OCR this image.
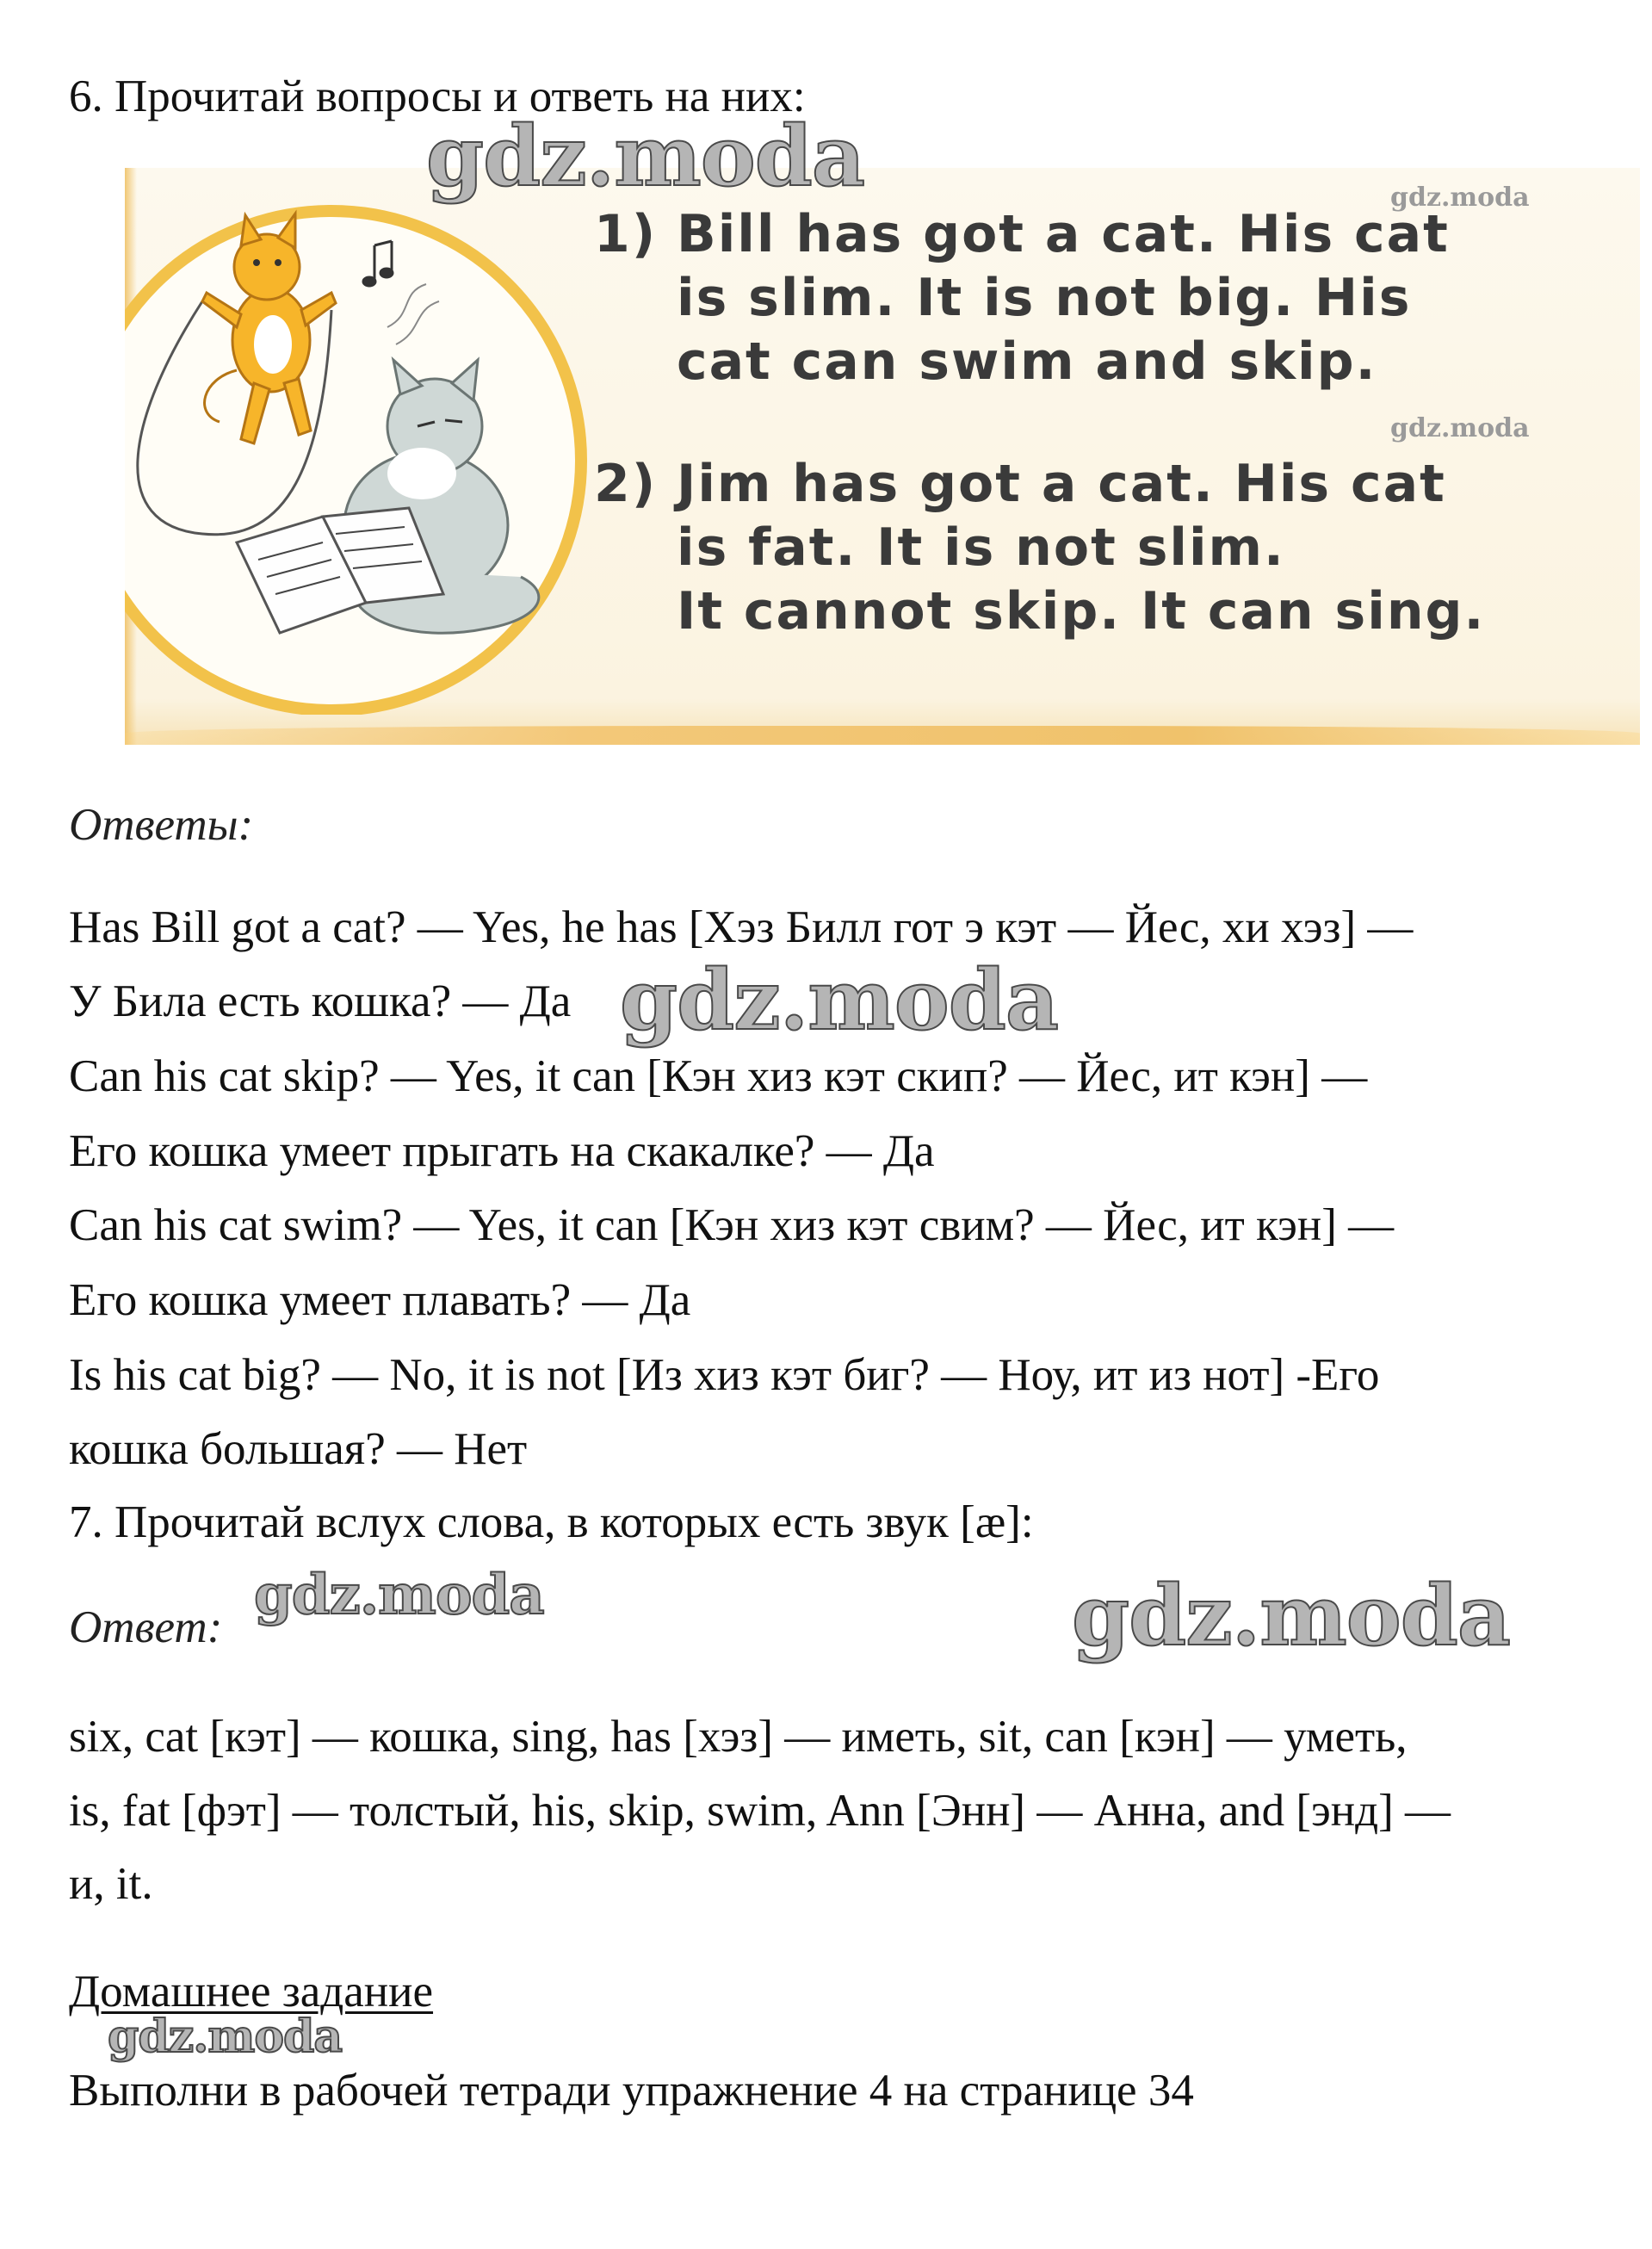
6. Прочитай вопросы и ответь на них:
1) Bill has got a cat. His cat
is slim. It is not big. His
cat can swim and skip.
2) Jim has got a cat. His cat
is fat. It is not slim.
It cannot skip. It can sing.
gdz.moda	gdz.moda
gdz.moda
Ответы:
Has Bill got a cat? — Yes, he has [Хэз Билл гот э кэт — Йес, хи хэз] —
У Била есть кошка? — Да gdz.moda
Can his cat skip? — Yes, it can [Кэн хиз кэт скип? — Йес, ит кэн] —
Его кошка умеет прыгать на скакалке? — Да
Can his cat swim? — Yes, it can [Кэн хиз кэт свим? — Йес, ит кэн] —
Его кошка умеет плавать? — Да
Is his cat big? — No, it is not [Из хиз кэт биг? — Ноу, ит из нот] -Его
кошка большая? — Нет
7. Прочитай вслух слова, в которых есть звук [æ]:
Ответ: gdz.moda	gdz.moda
six, cat [кэт] — кошка, sing, has [хэз] — иметь, sit, can [кэн] — уметь,
is, fat [фэт] — толстый, his, skip, swim, Ann [Энн] — Анна, and [энд] —
и, it.
Домашнее задание
gdz.moda
Выполни в рабочей тетради упражнение 4 на странице 34
